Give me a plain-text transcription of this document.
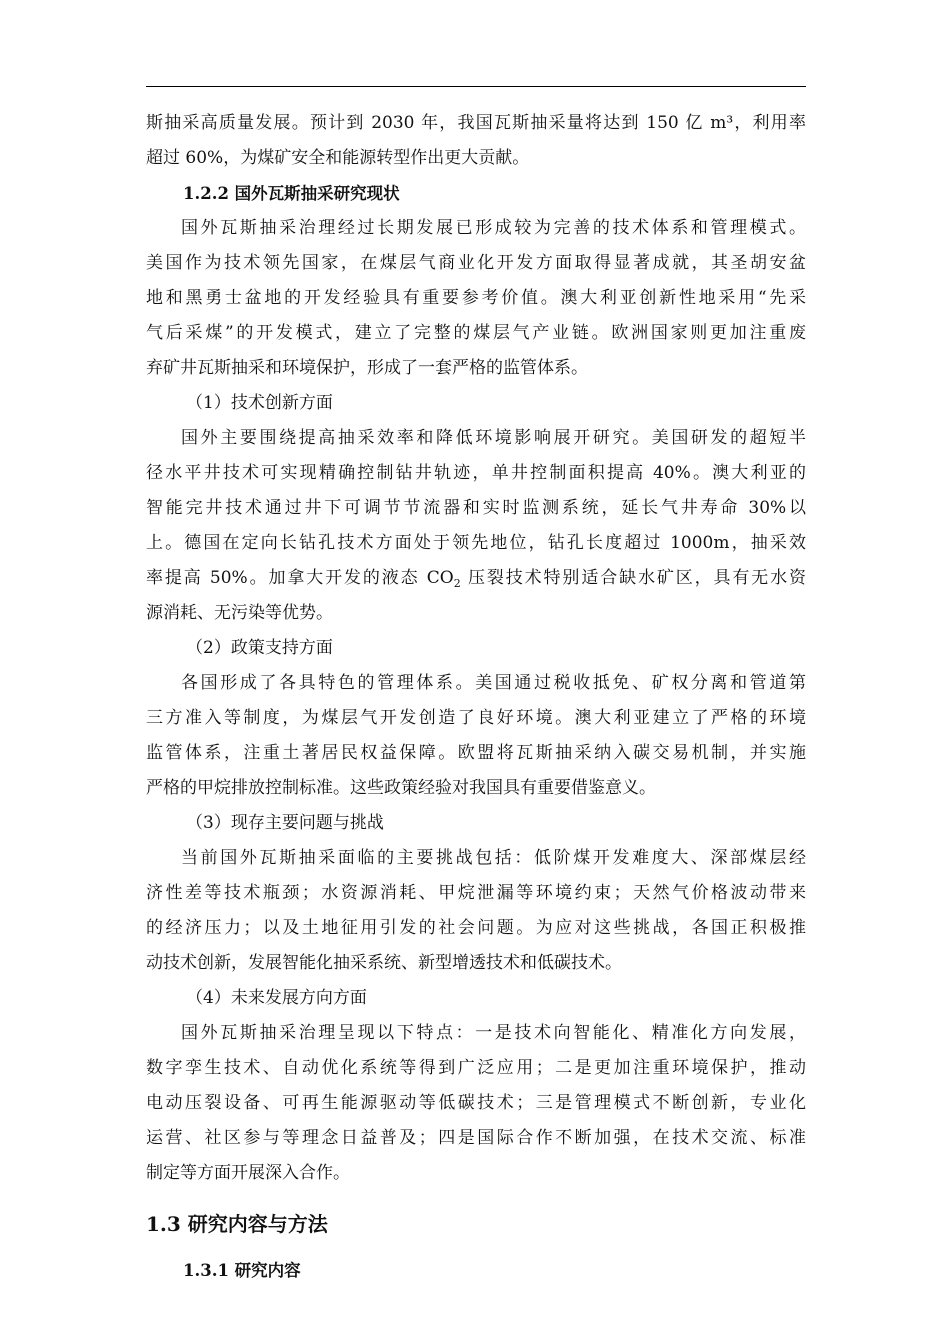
斯抽采高质量发展。预计到 2030 年，我国瓦斯抽采量将达到 150 亿 m³，利用率
超过 60%，为煤矿安全和能源转型作出更大贡献。
1.2.2 国外瓦斯抽采研究现状
国外瓦斯抽采治理经过长期发展已形成较为完善的技术体系和管理模式。
美国作为技术领先国家，在煤层气商业化开发方面取得显著成就，其圣胡安盆
地和黑勇士盆地的开发经验具有重要参考价值。澳大利亚创新性地采用“先采
气后采煤”的开发模式，建立了完整的煤层气产业链。欧洲国家则更加注重废
弃矿井瓦斯抽采和环境保护，形成了一套严格的监管体系。
（1）技术创新方面
国外主要围绕提高抽采效率和降低环境影响展开研究。美国研发的超短半
径水平井技术可实现精确控制钻井轨迹，单井控制面积提高 40%。澳大利亚的
智能完井技术通过井下可调节节流器和实时监测系统，延长气井寿命 30%以
上。德国在定向长钻孔技术方面处于领先地位，钻孔长度超过 1000m，抽采效
率提高 50%。加拿大开发的液态 $CO_2$ 压裂技术特别适合缺水矿区，具有无水资
源消耗、无污染等优势。
（2）政策支持方面
各国形成了各具特色的管理体系。美国通过税收抵免、矿权分离和管道第
三方准入等制度，为煤层气开发创造了良好环境。澳大利亚建立了严格的环境
监管体系，注重土著居民权益保障。欧盟将瓦斯抽采纳入碳交易机制，并实施
严格的甲烷排放控制标准。这些政策经验对我国具有重要借鉴意义。
（3）现存主要问题与挑战
当前国外瓦斯抽采面临的主要挑战包括：低阶煤开发难度大、深部煤层经
济性差等技术瓶颈；水资源消耗、甲烷泄漏等环境约束；天然气价格波动带来
的经济压力；以及土地征用引发的社会问题。为应对这些挑战，各国正积极推
动技术创新，发展智能化抽采系统、新型增透技术和低碳技术。
（4）未来发展方向方面
国外瓦斯抽采治理呈现以下特点：一是技术向智能化、精准化方向发展，
数字孪生技术、自动优化系统等得到广泛应用；二是更加注重环境保护，推动
电动压裂设备、可再生能源驱动等低碳技术；三是管理模式不断创新，专业化
运营、社区参与等理念日益普及；四是国际合作不断加强，在技术交流、标准
制定等方面开展深入合作。
1.3 研究内容与方法
1.3.1 研究内容
